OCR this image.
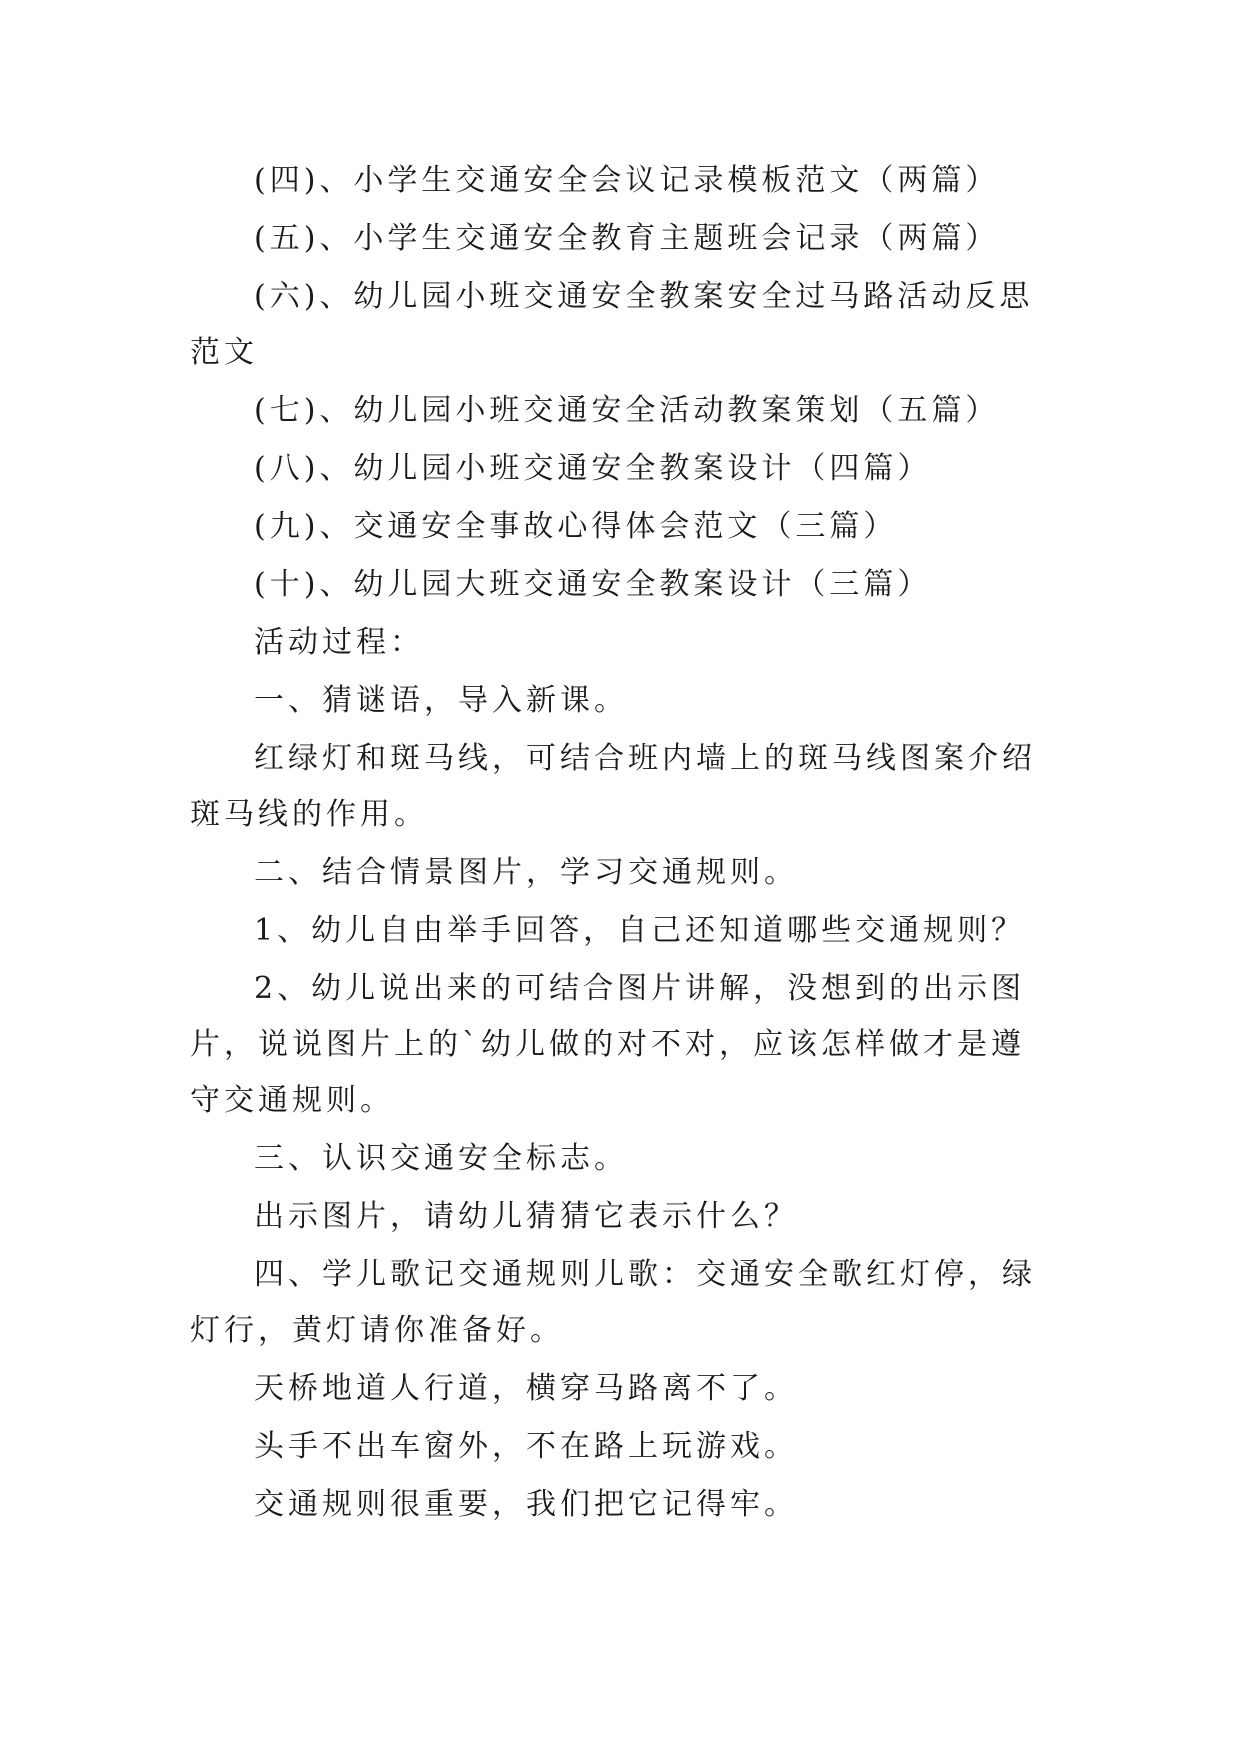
(四)、小学生交通安全会议记录模板范文（两篇）

(五)、小学生交通安全教育主题班会记录（两篇）

(六)、幼儿园小班交通安全教案安全过马路活动反思范文

(七)、幼儿园小班交通安全活动教案策划（五篇）

(八)、幼儿园小班交通安全教案设计（四篇）

(九)、交通安全事故心得体会范文（三篇）

(十)、幼儿园大班交通安全教案设计（三篇）

活动过程：

一、猜谜语，导入新课。

红绿灯和斑马线，可结合班内墙上的斑马线图案介绍斑马线的作用。

二、结合情景图片，学习交通规则。

1、幼儿自由举手回答，自己还知道哪些交通规则？

2、幼儿说出来的可结合图片讲解，没想到的出示图片，说说图片上的`幼儿做的对不对，应该怎样做才是遵守交通规则。

三、认识交通安全标志。

出示图片，请幼儿猜猜它表示什么？

四、学儿歌记交通规则儿歌：交通安全歌红灯停，绿灯行，黄灯请你准备好。

天桥地道人行道，横穿马路离不了。

头手不出车窗外，不在路上玩游戏。

交通规则很重要，我们把它记得牢。
